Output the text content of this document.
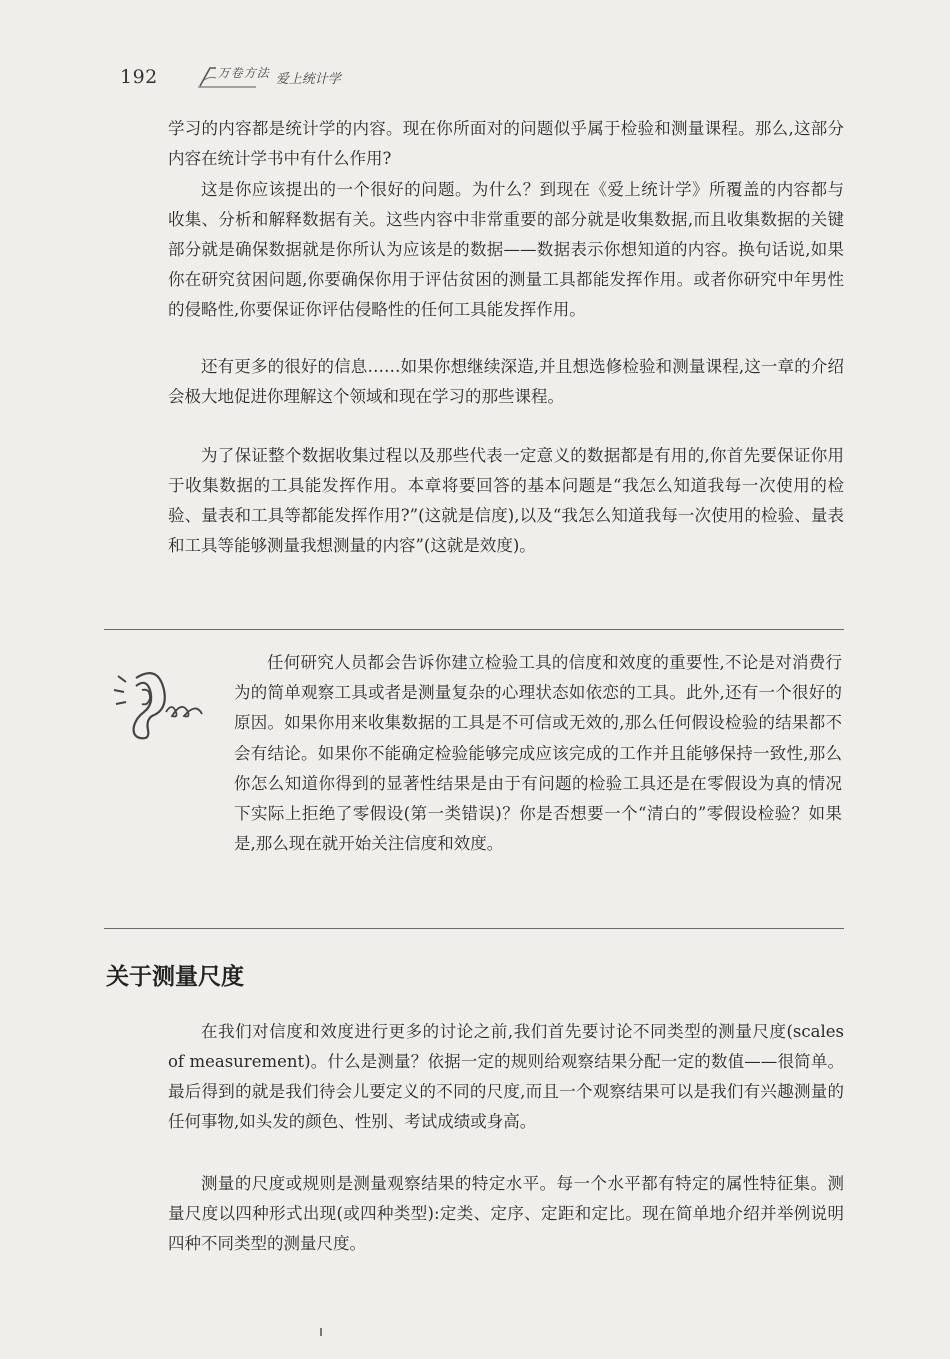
192	万卷方法 爱上统计学

学习的内容都是统计学的内容。现在你所面对的问题似乎属于检验和测量课程。那么,这部分内容在统计学书中有什么作用?

这是你应该提出的一个很好的问题。为什么？到现在《爱上统计学》所覆盖的内容都与收集、分析和解释数据有关。这些内容中非常重要的部分就是收集数据,而且收集数据的关键部分就是确保数据就是你所认为应该是的数据——数据表示你想知道的内容。换句话说,如果你在研究贫困问题,你要确保你用于评估贫困的测量工具都能发挥作用。或者你研究中年男性的侵略性,你要保证你评估侵略性的任何工具能发挥作用。

还有更多的很好的信息……如果你想继续深造,并且想选修检验和测量课程,这一章的介绍会极大地促进你理解这个领域和现在学习的那些课程。

为了保证整个数据收集过程以及那些代表一定意义的数据都是有用的,你首先要保证你用于收集数据的工具能发挥作用。本章将要回答的基本问题是“我怎么知道我每一次使用的检验、量表和工具等都能发挥作用?”(这就是信度),以及“我怎么知道我每一次使用的检验、量表和工具等能够测量我想测量的内容”(这就是效度)。

任何研究人员都会告诉你建立检验工具的信度和效度的重要性,不论是对消费行为的简单观察工具或者是测量复杂的心理状态如依恋的工具。此外,还有一个很好的原因。如果你用来收集数据的工具是不可信或无效的,那么任何假设检验的结果都不会有结论。如果你不能确定检验能够完成应该完成的工作并且能够保持一致性,那么你怎么知道你得到的显著性结果是由于有问题的检验工具还是在零假设为真的情况下实际上拒绝了零假设(第一类错误)？你是否想要一个“清白的”零假设检验？如果是,那么现在就开始关注信度和效度。

关于测量尺度

在我们对信度和效度进行更多的讨论之前,我们首先要讨论不同类型的测量尺度(scales of measurement)。什么是测量？依据一定的规则给观察结果分配一定的数值——很简单。最后得到的就是我们待会儿要定义的不同的尺度,而且一个观察结果可以是我们有兴趣测量的任何事物,如头发的颜色、性别、考试成绩或身高。

测量的尺度或规则是测量观察结果的特定水平。每一个水平都有特定的属性特征集。测量尺度以四种形式出现(或四种类型):定类、定序、定距和定比。现在简单地介绍并举例说明四种不同类型的测量尺度。
